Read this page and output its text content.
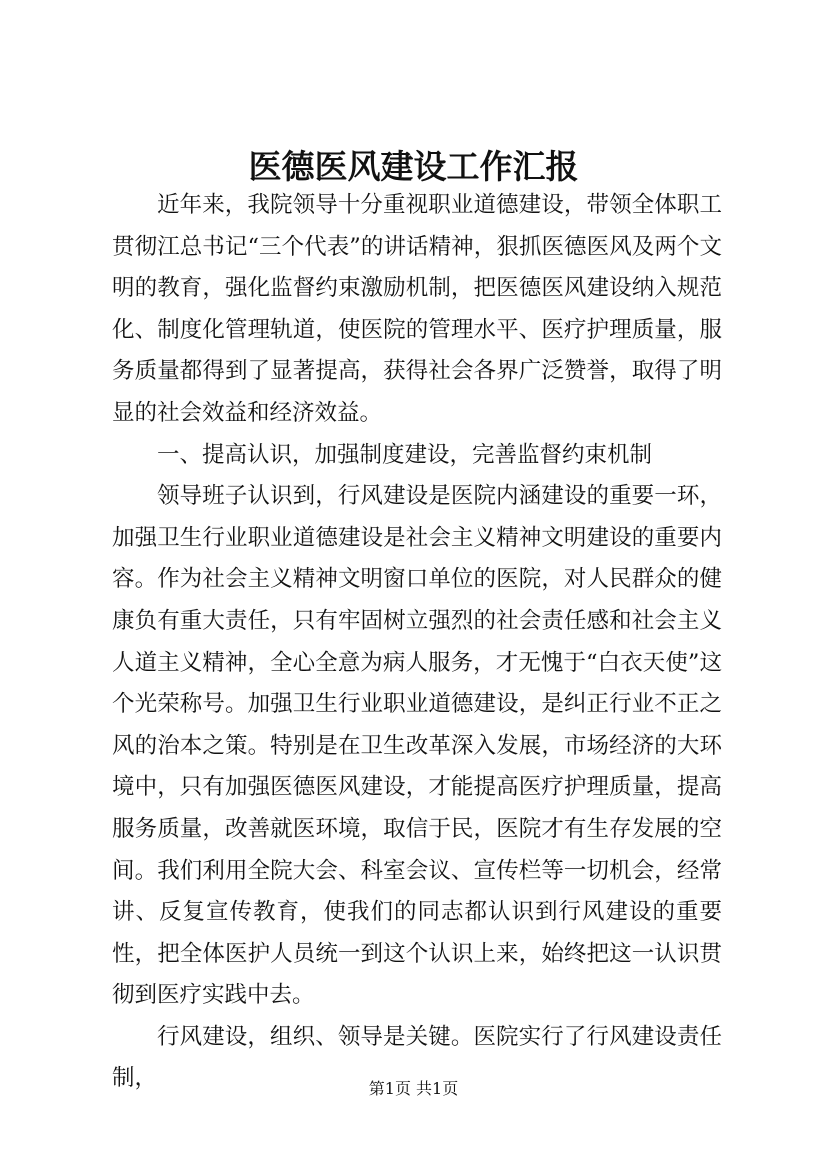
医德医风建设工作汇报

近年来，我院领导十分重视职业道德建设，带领全体职工贯彻江总书记“三个代表”的讲话精神，狠抓医德医风及两个文明的教育，强化监督约束激励机制，把医德医风建设纳入规范化、制度化管理轨道，使医院的管理水平、医疗护理质量，服务质量都得到了显著提高，获得社会各界广泛赞誉，取得了明显的社会效益和经济效益。

一、提高认识，加强制度建设，完善监督约束机制

领导班子认识到，行风建设是医院内涵建设的重要一环，加强卫生行业职业道德建设是社会主义精神文明建设的重要内容。作为社会主义精神文明窗口单位的医院，对人民群众的健康负有重大责任，只有牢固树立强烈的社会责任感和社会主义人道主义精神，全心全意为病人服务，才无愧于“白衣天使”这个光荣称号。加强卫生行业职业道德建设，是纠正行业不正之风的治本之策。特别是在卫生改革深入发展，市场经济的大环境中，只有加强医德医风建设，才能提高医疗护理质量，提高服务质量，改善就医环境，取信于民，医院才有生存发展的空间。我们利用全院大会、科室会议、宣传栏等一切机会，经常讲、反复宣传教育，使我们的同志都认识到行风建设的重要性，把全体医护人员统一到这个认识上来，始终把这一认识贯彻到医疗实践中去。

行风建设，组织、领导是关键。医院实行了行风建设责任制，	第1页 共1页
